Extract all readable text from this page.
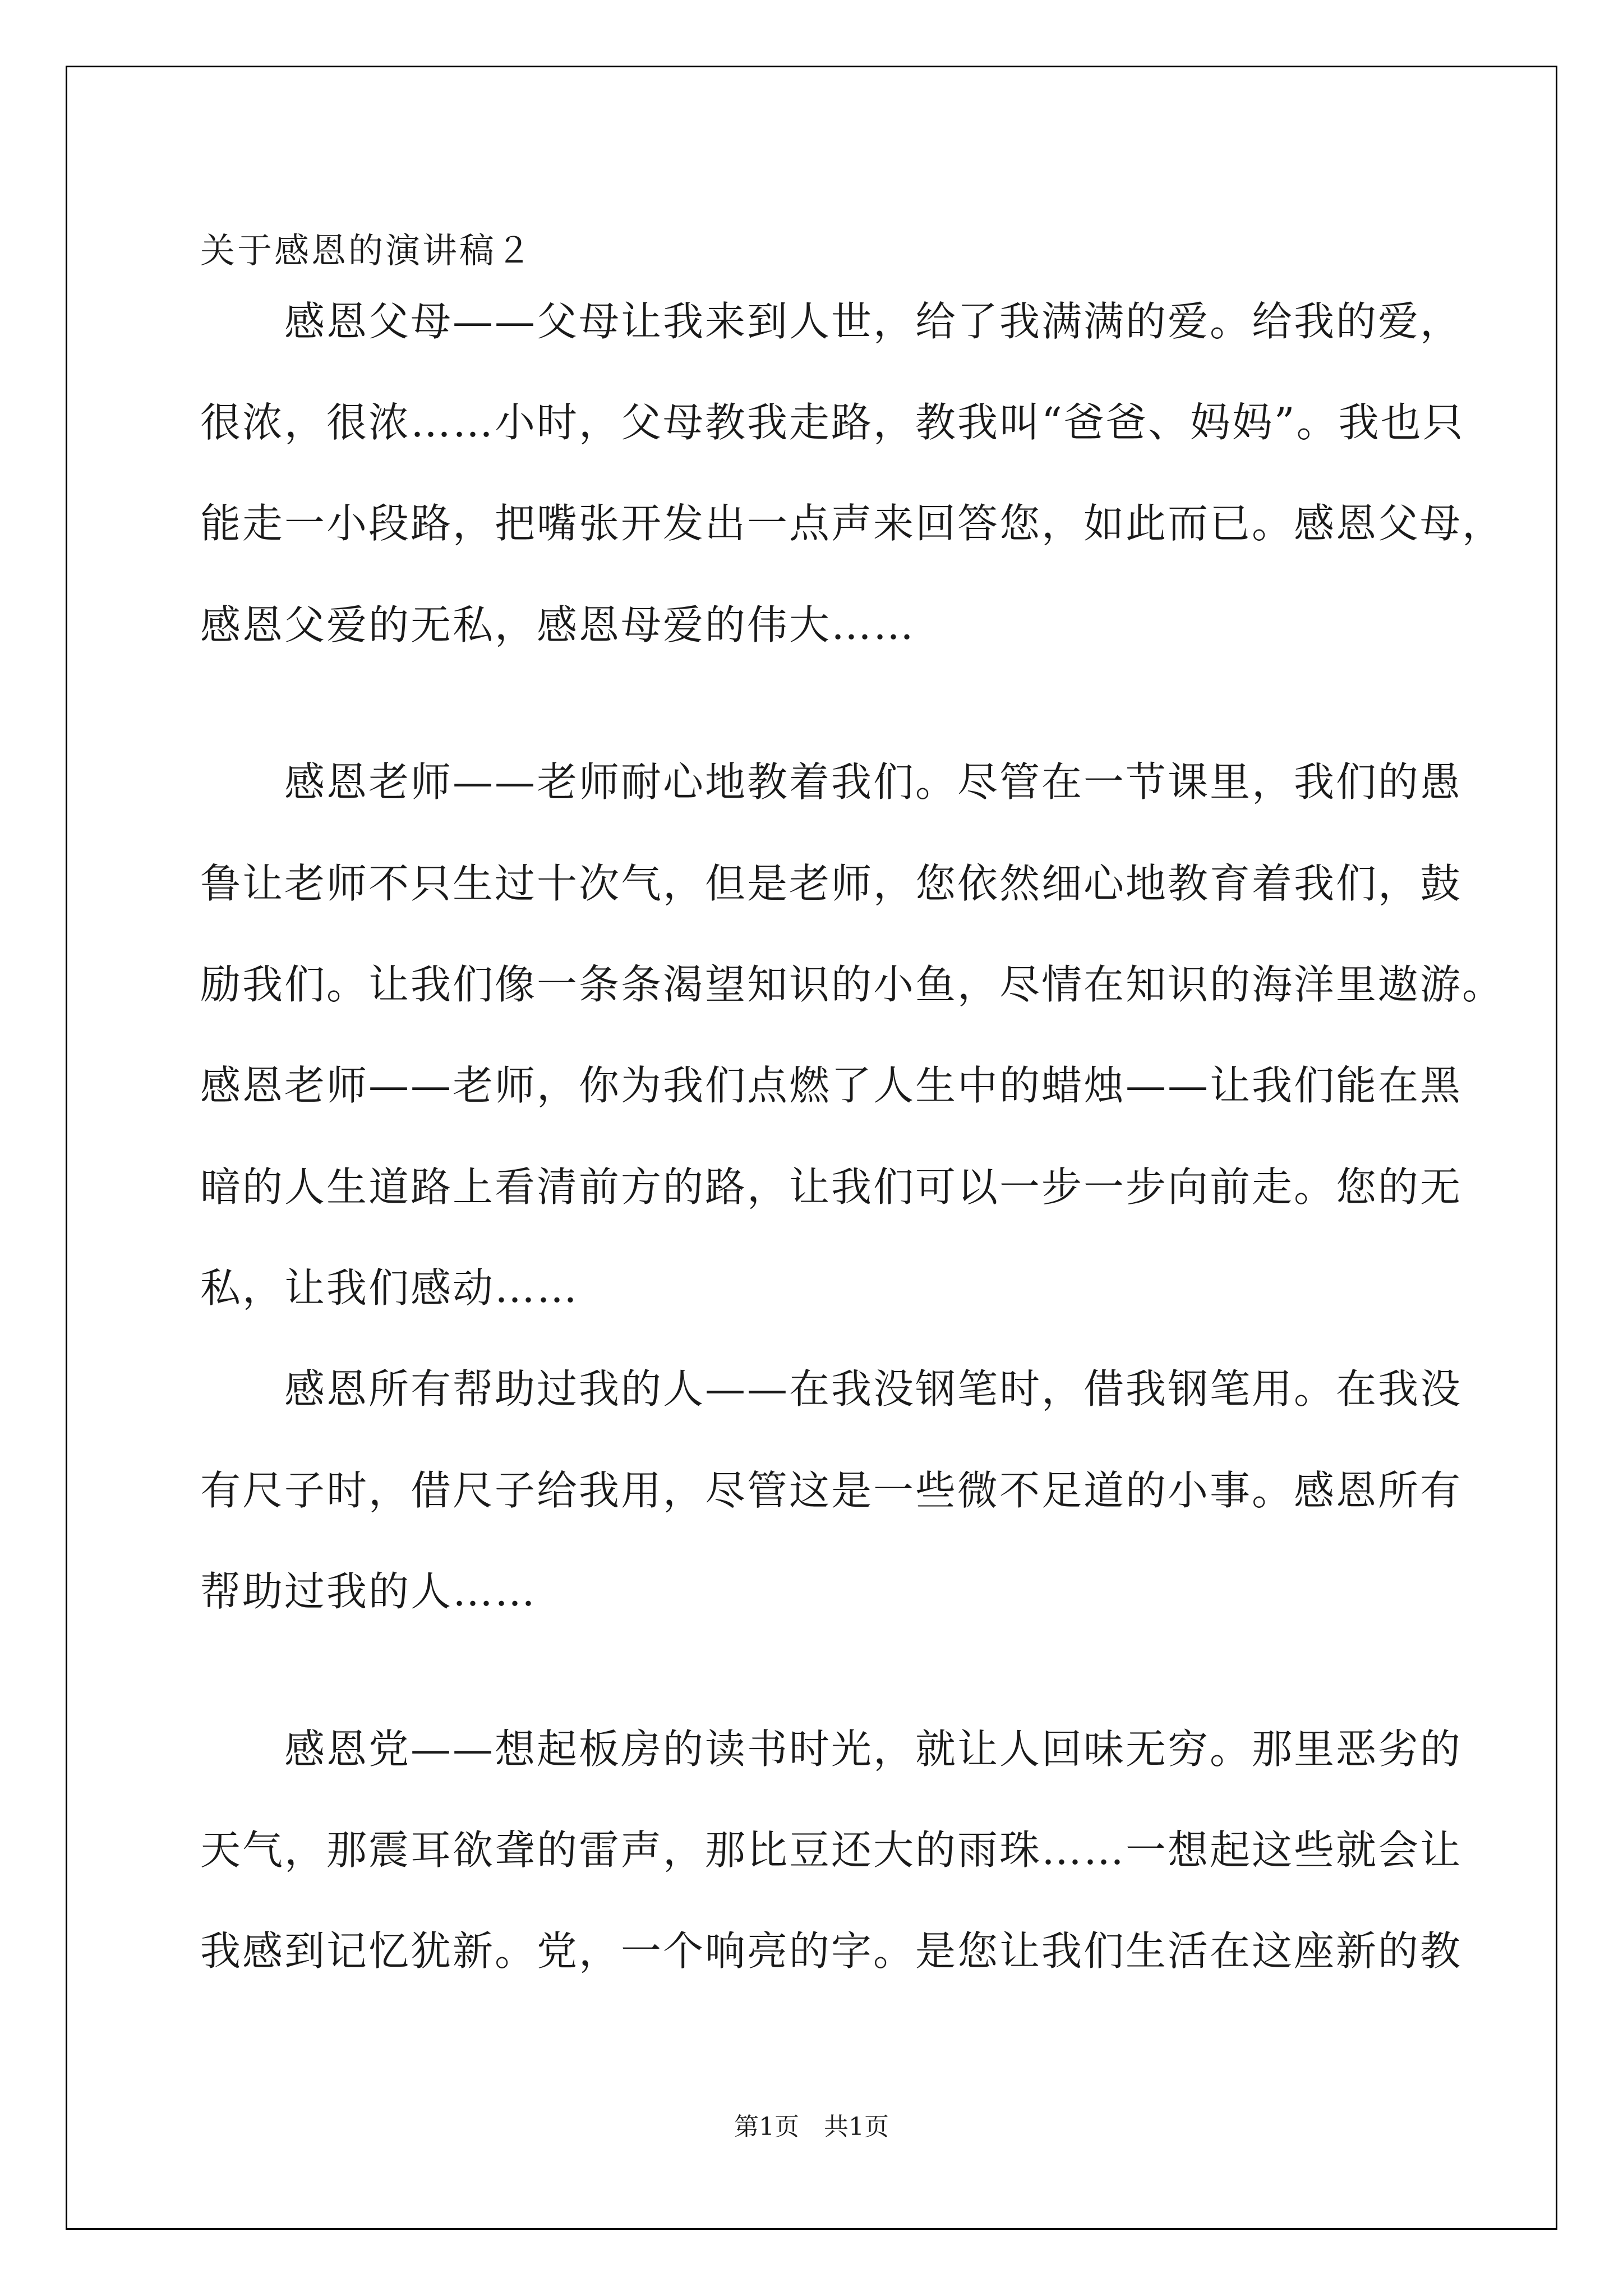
关于感恩的演讲稿２
　　感恩父母——父母让我来到人世，给了我满满的爱。给我的爱，
很浓，很浓……小时，父母教我走路，教我叫“爸爸、妈妈”。我也只
能走一小段路，把嘴张开发出一点声来回答您，如此而已。感恩父母，
感恩父爱的无私，感恩母爱的伟大……
　　感恩老师——老师耐心地教着我们。尽管在一节课里，我们的愚
鲁让老师不只生过十次气，但是老师，您依然细心地教育着我们，鼓
励我们。让我们像一条条渴望知识的小鱼，尽情在知识的海洋里遨游。
感恩老师——老师，你为我们点燃了人生中的蜡烛——让我们能在黑
暗的人生道路上看清前方的路，让我们可以一步一步向前走。您的无
私，让我们感动……
　　感恩所有帮助过我的人——在我没钢笔时，借我钢笔用。在我没
有尺子时，借尺子给我用，尽管这是一些微不足道的小事。感恩所有
帮助过我的人……
　　感恩党——想起板房的读书时光，就让人回味无穷。那里恶劣的
天气，那震耳欲聋的雷声，那比豆还大的雨珠……一想起这些就会让
我感到记忆犹新。党，一个响亮的字。是您让我们生活在这座新的教
第1页　共1页
